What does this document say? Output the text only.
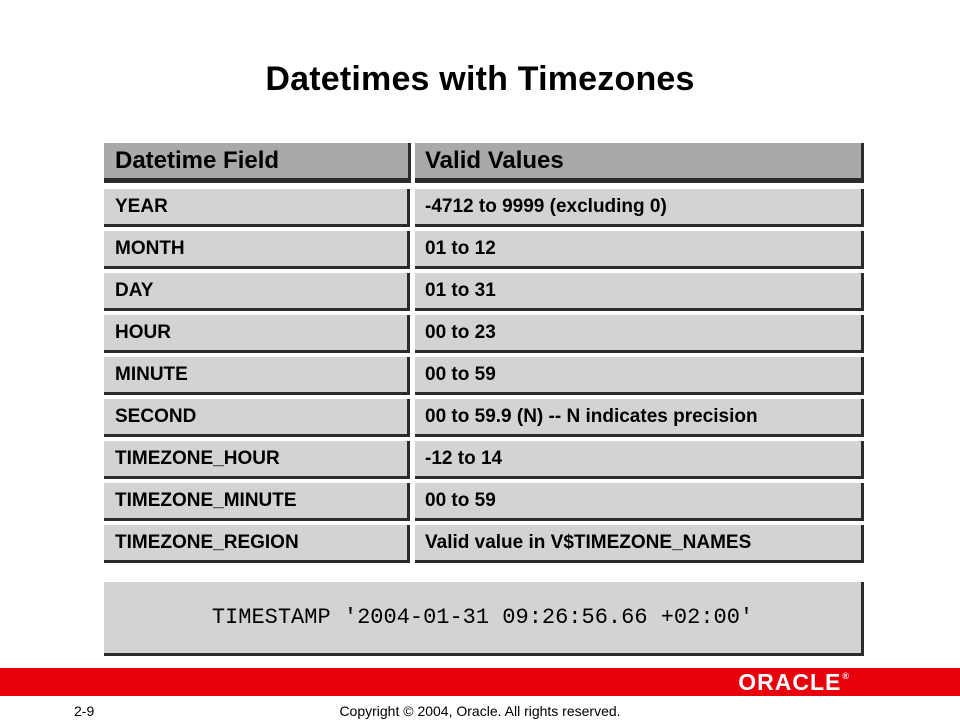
Datetimes with Timezones
Datetime Field	Valid Values
YEAR	-4712 to 9999 (excluding 0)
MONTH	01 to 12
DAY	01 to 31
HOUR	00 to 23
MINUTE	00 to 59
SECOND	00 to 59.9 (N) -- N indicates precision
TIMEZONE_HOUR	-12 to 14
TIMEZONE_MINUTE	00 to 59
TIMEZONE_REGION	Valid value in V$TIMEZONE_NAMES
TIMESTAMP '2004-01-31 09:26:56.66 +02:00'
ORACLE ®
Copyright © 2004, Oracle. All rights reserved.
2-9
